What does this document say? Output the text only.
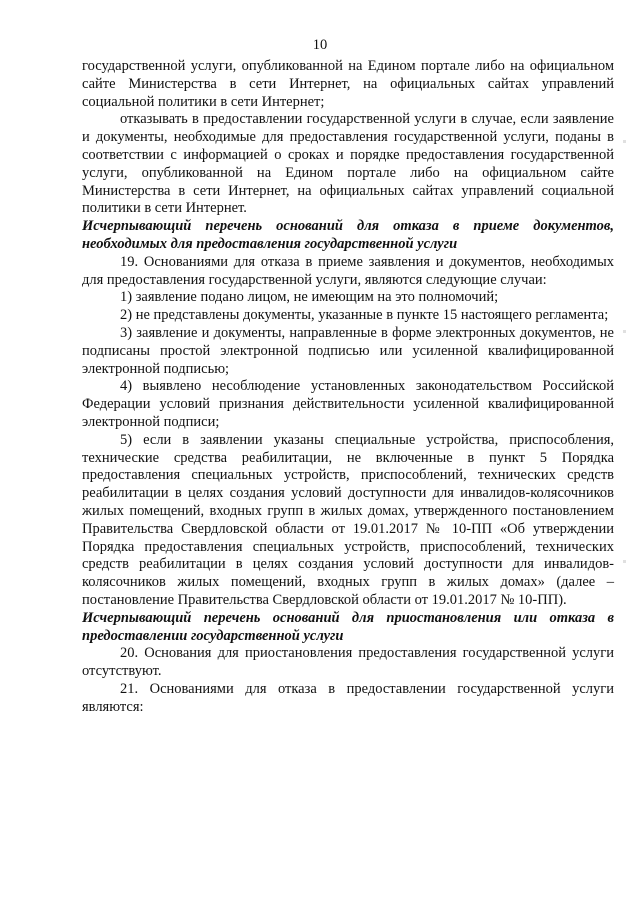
10

государственной услуги, опубликованной на Едином портале либо на официальном сайте Министерства в сети Интернет, на официальных сайтах управлений социальной политики в сети Интернет;

отказывать в предоставлении государственной услуги в случае, если заявление и документы, необходимые для предоставления государственной услуги, поданы в соответствии с информацией о сроках и порядке предоставления государственной услуги, опубликованной на Едином портале либо на официальном сайте Министерства в сети Интернет, на официальных сайтах управлений социальной политики в сети Интернет.

Исчерпывающий перечень оснований для отказа в приеме документов, необходимых для предоставления государственной услуги

19. Основаниями для отказа в приеме заявления и документов, необходимых для предоставления государственной услуги, являются следующие случаи:

1) заявление подано лицом, не имеющим на это полномочий;

2) не представлены документы, указанные в пункте 15 настоящего регламента;

3) заявление и документы, направленные в форме электронных документов, не подписаны простой электронной подписью или усиленной квалифицированной электронной подписью;

4) выявлено несоблюдение установленных законодательством Российской Федерации условий признания действительности усиленной квалифицированной электронной подписи;

5) если в заявлении указаны специальные устройства, приспособления, технические средства реабилитации, не включенные в пункт 5 Порядка предоставления специальных устройств, приспособлений, технических средств реабилитации в целях создания условий доступности для инвалидов-колясочников жилых помещений, входных групп в жилых домах, утвержденного постановлением Правительства Свердловской области от 19.01.2017 № 10-ПП «Об утверждении Порядка предоставления специальных устройств, приспособлений, технических средств реабилитации в целях создания условий доступности для инвалидов-колясочников жилых помещений, входных групп в жилых домах» (далее – постановление Правительства Свердловской области от 19.01.2017 № 10-ПП).

Исчерпывающий перечень оснований для приостановления или отказа в предоставлении государственной услуги

20. Основания для приостановления предоставления государственной услуги отсутствуют.

21. Основаниями для отказа в предоставлении государственной услуги являются:
